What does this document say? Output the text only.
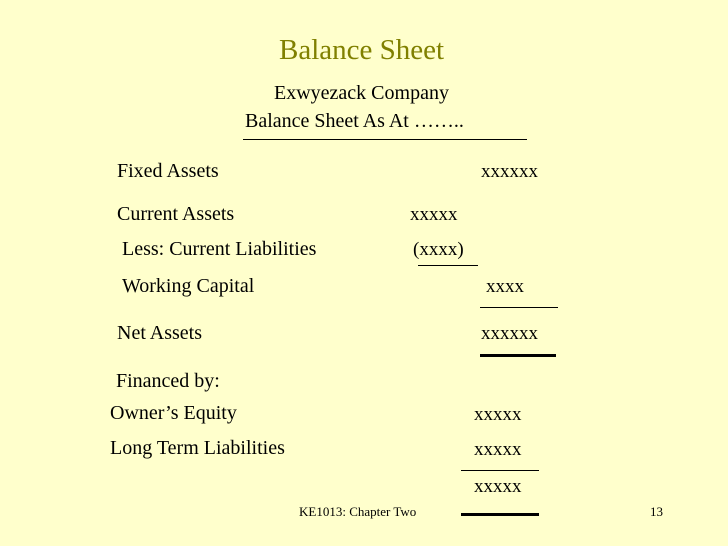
Balance Sheet
Exwyezack Company
Balance Sheet As At ……..
Fixed Assets	xxxxxx
Current Assets	xxxxx
Less: Current Liabilities	(xxxx)
Working Capital	xxxx
Net Assets	xxxxxx
Financed by:
Owner’s Equity	xxxxx
Long Term Liabilities	xxxxx
xxxxx
KE1013: Chapter Two	13
